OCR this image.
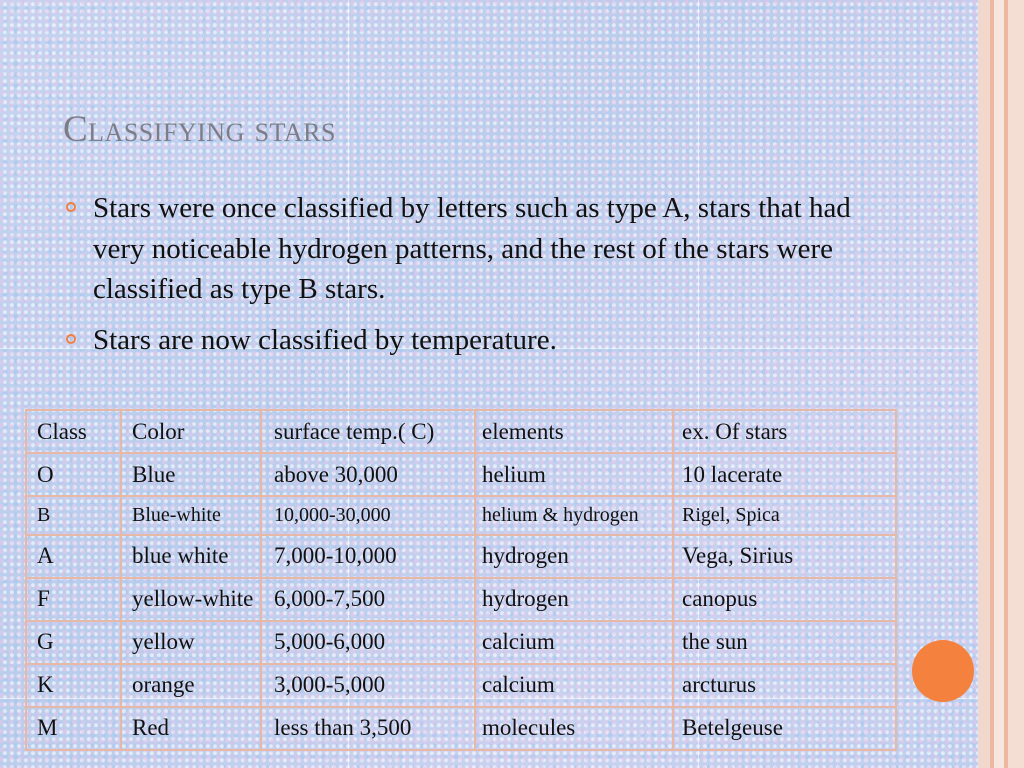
Classifying stars
Stars were once classified by letters such as type A, stars that had very noticeable hydrogen patterns, and the rest of the stars were classified as type B stars.
Stars are now classified by temperature.
Class	Color	surface temp.( C)	elements	ex. Of stars
O	Blue	above 30,000	helium	10 lacerate
B	Blue-white	10,000-30,000	helium & hydrogen	Rigel, Spica
A	blue white	7,000-10,000	hydrogen	Vega, Sirius
F	yellow-white	6,000-7,500	hydrogen	canopus
G	yellow	5,000-6,000	calcium	the sun
K	orange	3,000-5,000	calcium	arcturus
M	Red	less than 3,500	molecules	Betelgeuse
